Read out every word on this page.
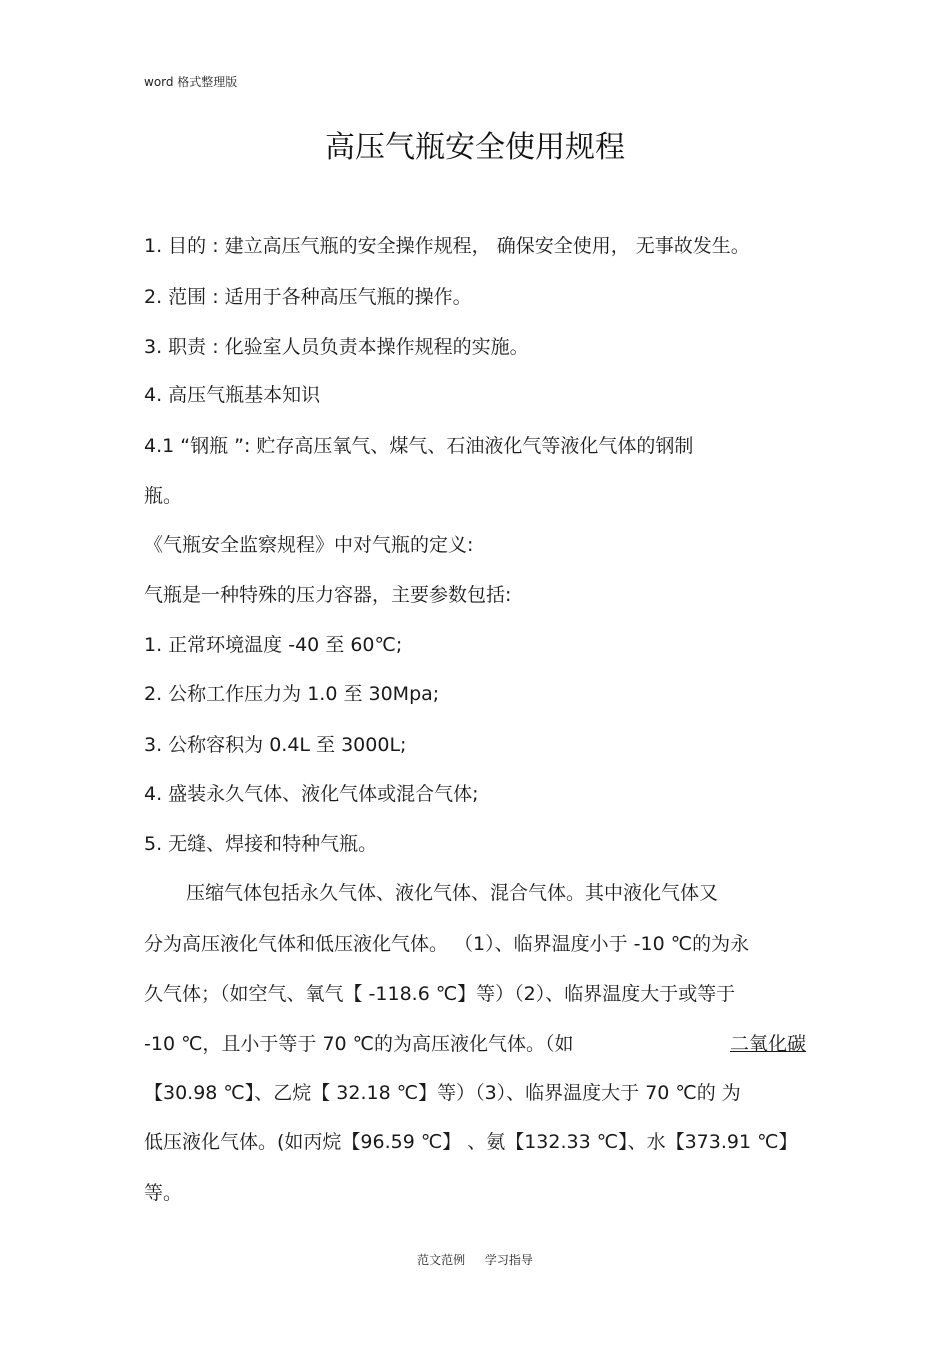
word 格式整理版
高压气瓶安全使用规程
1. 目的 : 建立高压气瓶的安全操作规程， 确保安全使用， 无事故发生。
2. 范围 : 适用于各种高压气瓶的操作。
3. 职责 : 化验室人员负责本操作规程的实施。
4. 高压气瓶基本知识
4.1 “钢瓶 ”: 贮存高压氧气、煤气、石油液化气等液化气体的钢制
瓶。
《气瓶安全监察规程》中对气瓶的定义:
气瓶是一种特殊的压力容器，主要参数包括:
1. 正常环境温度 -40 至 60℃;
2. 公称工作压力为 1.0 至 30Mpa;
3. 公称容积为 0.4L 至 3000L;
4. 盛装永久气体、液化气体或混合气体;
5. 无缝、焊接和特种气瓶。
压缩气体包括永久气体、液化气体、混合气体。其中液化气体又
分为高压液化气体和低压液化气体。 （1）、临界温度小于 -10 ℃的为永
久气体；（如空气、氧气【 -118.6 ℃】等）（2）、临界温度大于或等于
-10 ℃，且小于等于 70 ℃的为高压液化气体。（如	二氧化碳
【30.98 ℃】、乙烷【 32.18 ℃】等）（3）、临界温度大于 70 ℃的 为
低压液化气体。(如丙烷【96.59 ℃】 、氨【132.33 ℃】、水【373.91 ℃】
等。
范文范例 学习指导
